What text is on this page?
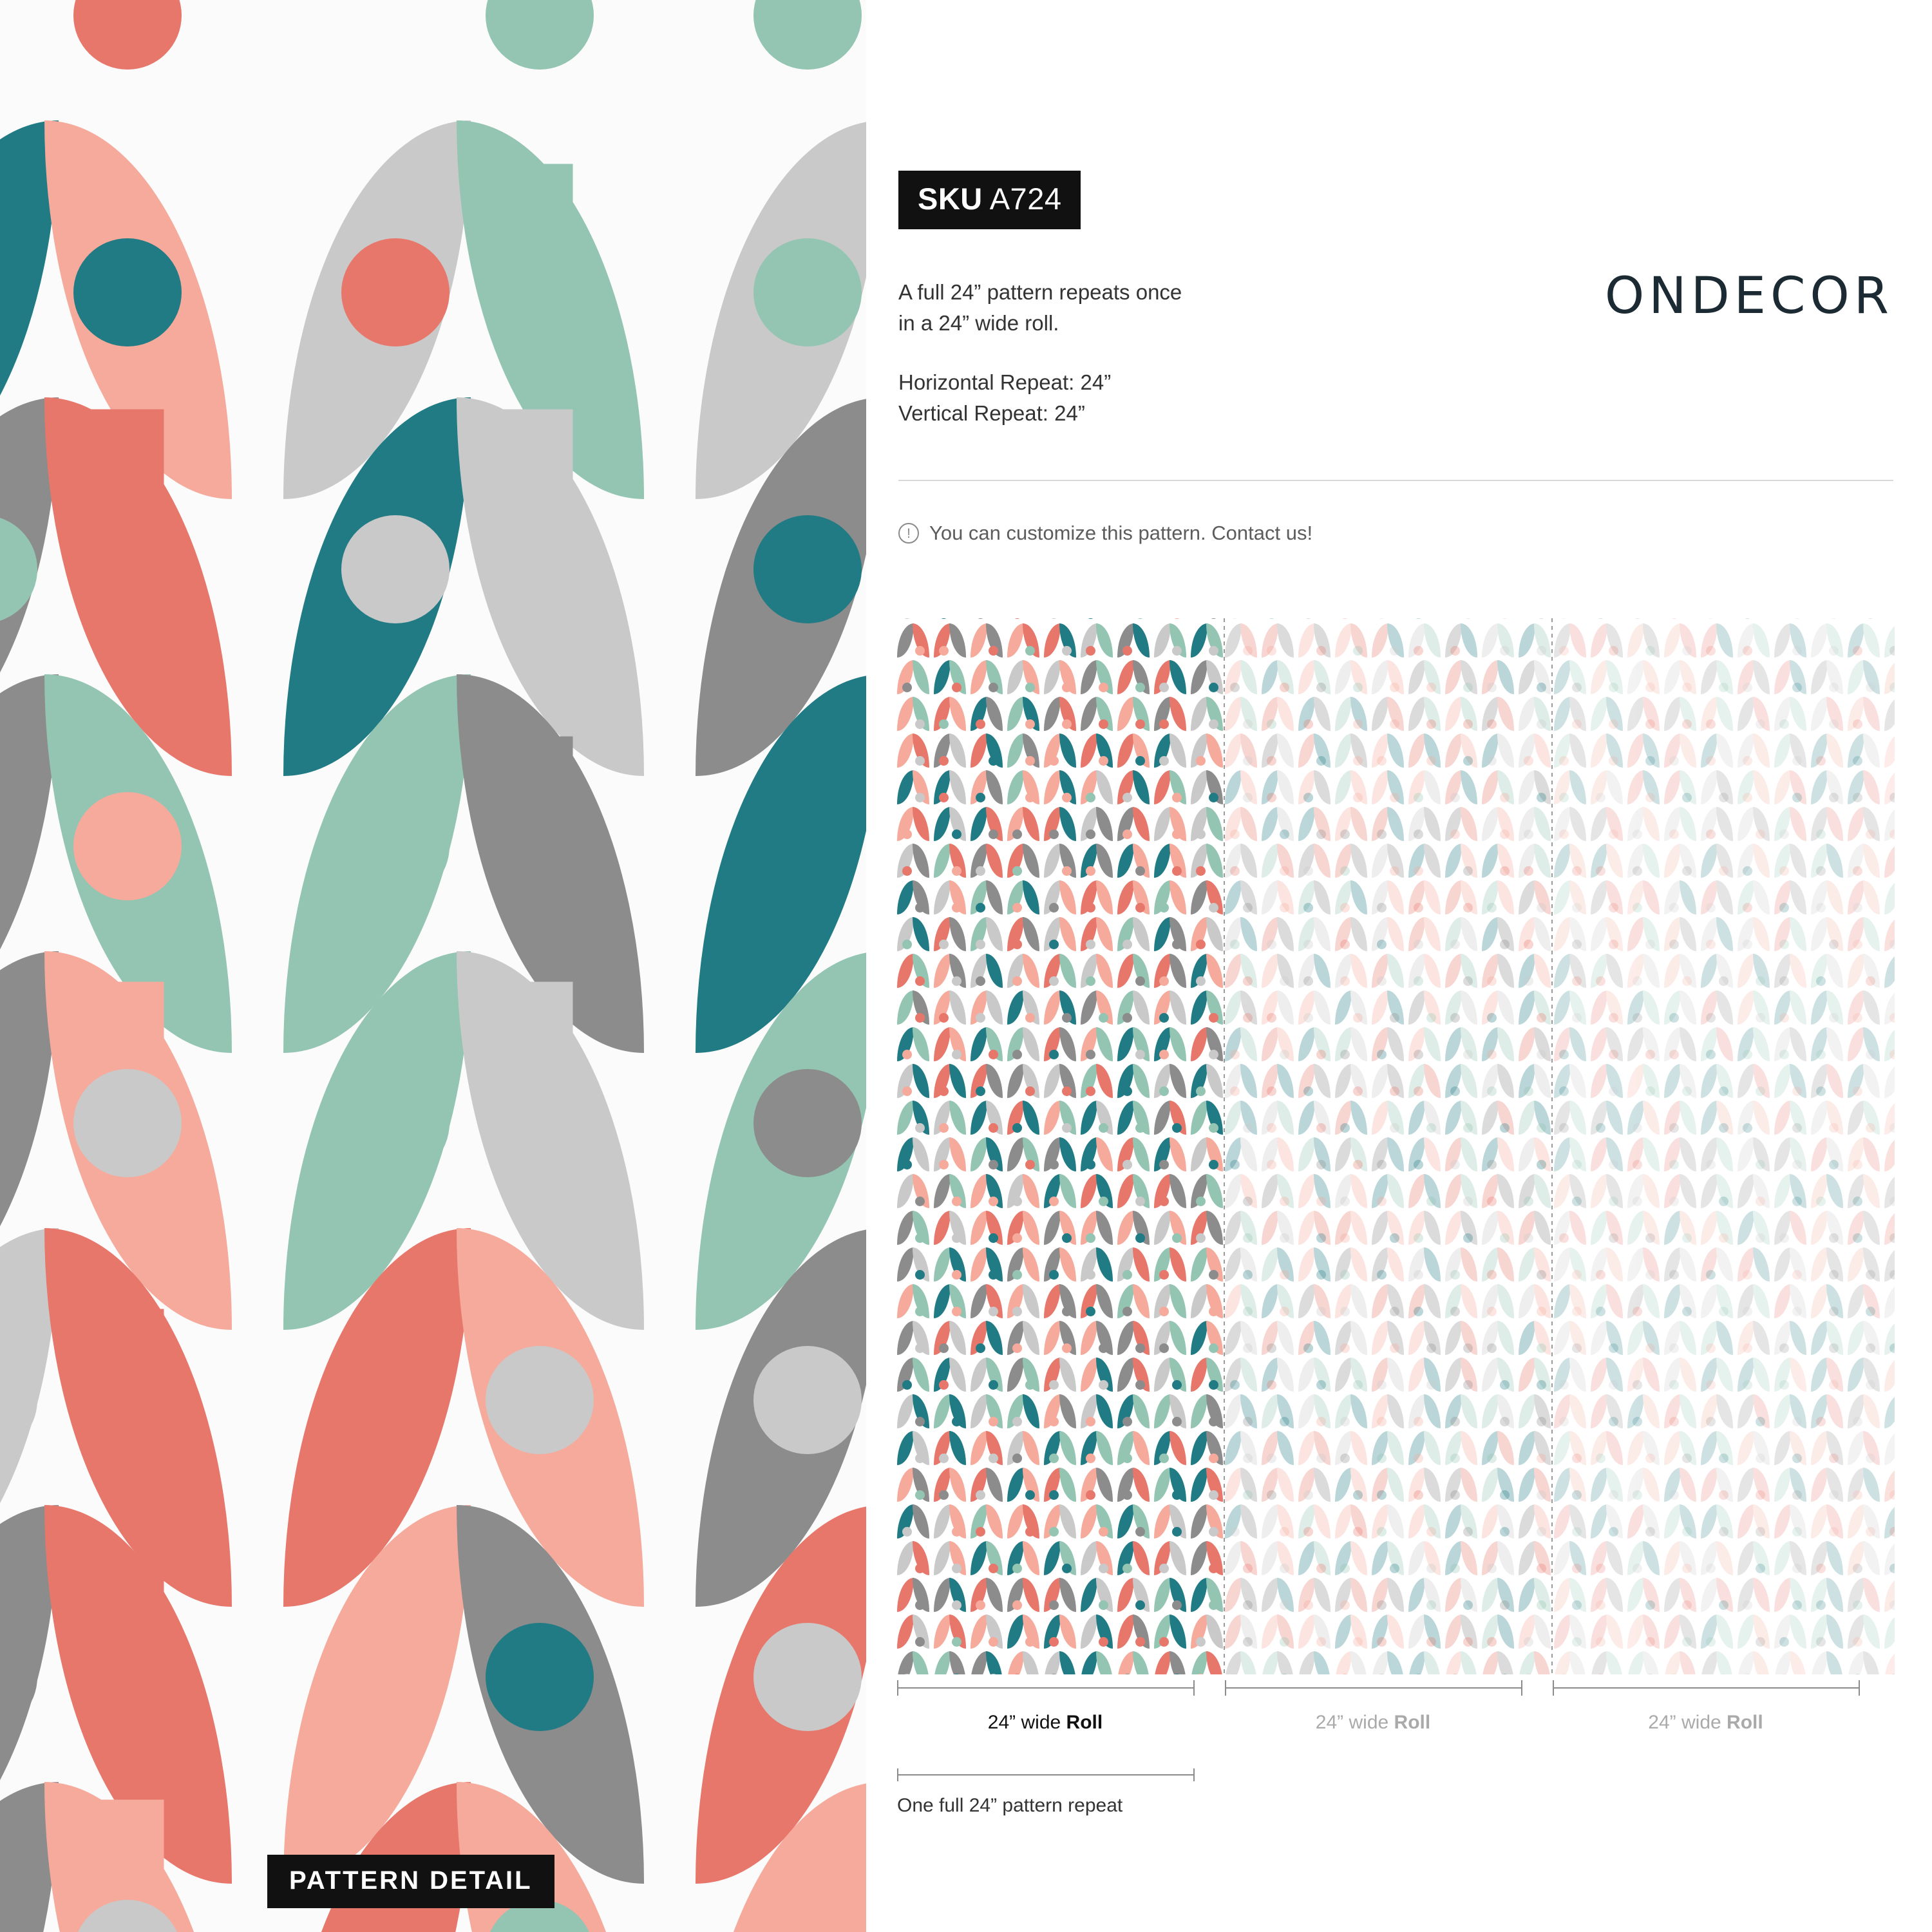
PATTERN DETAIL
SKU A724
A full 24” pattern repeats once
in a 24” wide roll.
Horizontal Repeat: 24”
Vertical Repeat: 24”
ONDECOR
! You can customize this pattern. Contact us!
24” wide Roll	24” wide Roll	24” wide Roll
One full 24” pattern repeat
